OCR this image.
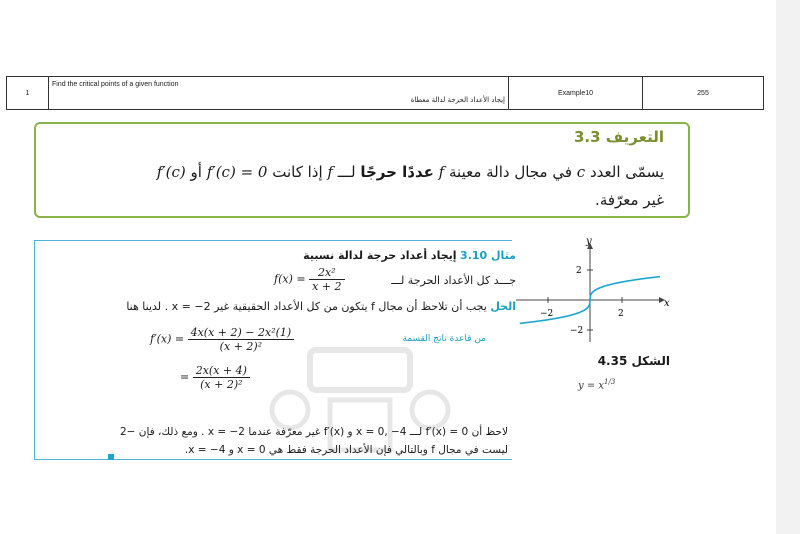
1
Find the critical points of a given function
إيجاد الأعداد الحرجة لدالة معطاة
Example10	255
التعريف 3.3
يسمّى العدد c في مجال دالة معينة f عددًا حرجًا لـــ f إذا كانت f′(c) = 0 أو f′(c)
غير معرّفة.
مثال 3.10 إيجاد أعداد حرجة لدالة نسبية
جـــد كل الأعداد الحرجة لـــ
$f(x) = \frac{\text{2x²}}{x + 2}$
الحل يجب أن تلاحظ أن مجال f يتكون من كل الأعداد الحقيقية غير x = −2 . لدينا هنا
$f'(x) = \frac{\text{4x(x + 2) − 2x²(1)}}{\text{(x + 2)²}}$	من قاعدة ناتج القسمة
= $\frac{2x(x + 4)}{\text{(x + 2)²}}$
لاحظ أن f′(x) = 0 لـــ x = 0, −4 و f′(x) غير معرّفة عندما x = −2 . ومع ذلك، فإن −2
ليست في مجال f وبالتالي فإن الأعداد الحرجة فقط هي x = 0 و x = −4.
x
y
−2	2
2
−2
الشكل 4.35
$y = x^{1/3}$
